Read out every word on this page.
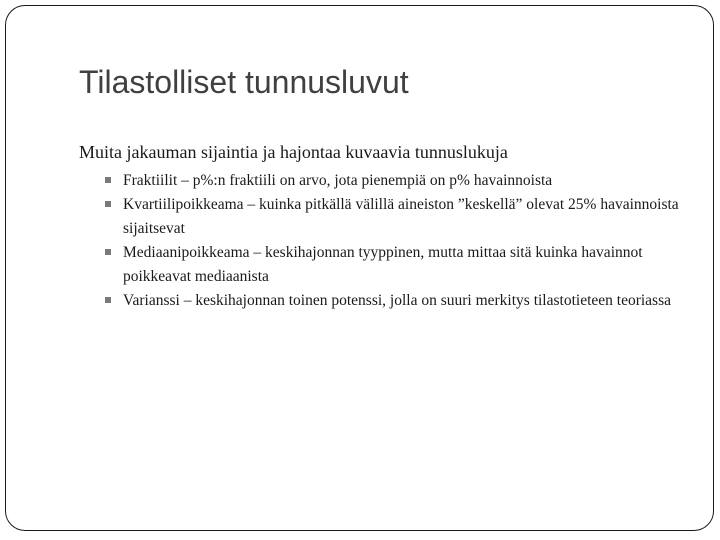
Tilastolliset tunnusluvut

Muita jakauman sijaintia ja hajontaa kuvaavia tunnuslukuja

Fraktiilit – p%:n fraktiili on arvo, jota pienempiä on p% havainnoista
Kvartiilipoikkeama – kuinka pitkällä välillä aineiston ”keskellä” olevat 25% havainnoista sijaitsevat
Mediaanipoikkeama – keskihajonnan tyyppinen, mutta mittaa sitä kuinka havainnot poikkeavat mediaanista
Varianssi – keskihajonnan toinen potenssi, jolla on suuri merkitys tilastotieteen teoriassa
